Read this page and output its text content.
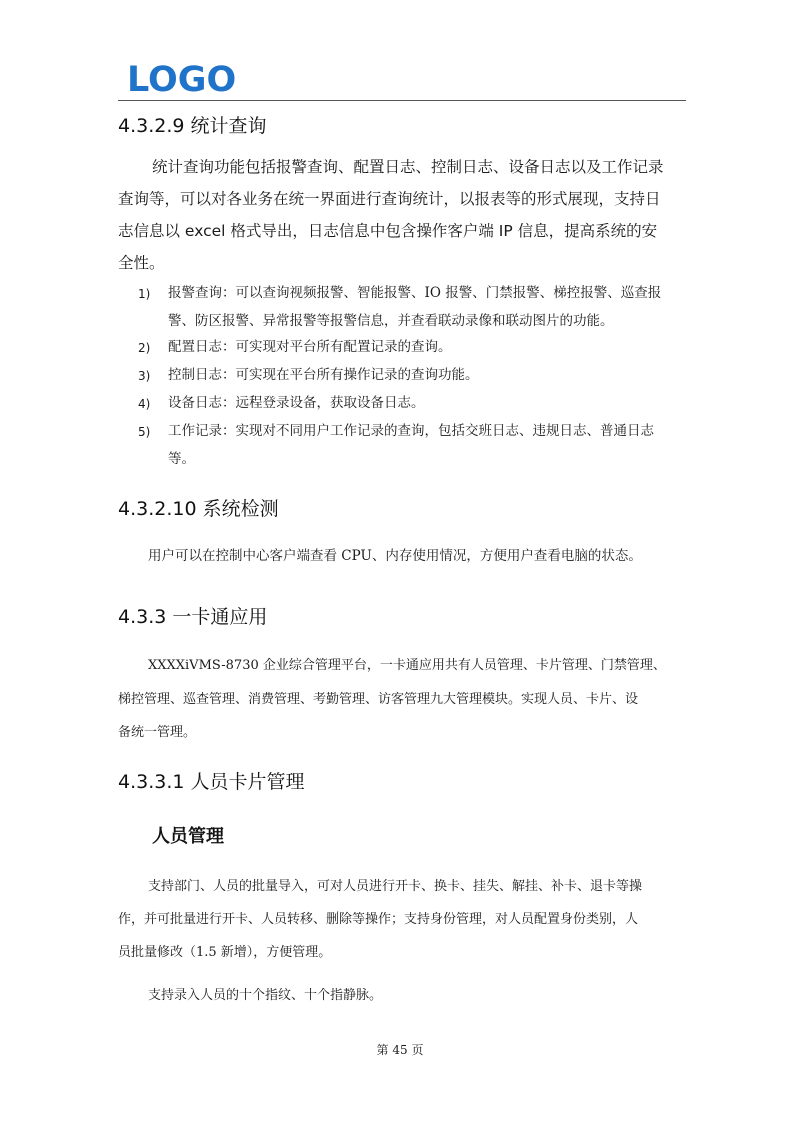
LOGO
4.3.2.9 统计查询
统计查询功能包括报警查询、配置日志、控制日志、设备日志以及工作记录
查询等，可以对各业务在统一界面进行查询统计，以报表等的形式展现，支持日
志信息以 excel 格式导出，日志信息中包含操作客户端 IP 信息，提高系统的安
全性。
1) 报警查询：可以查询视频报警、智能报警、IO 报警、门禁报警、梯控报警、巡查报
警、防区报警、异常报警等报警信息，并查看联动录像和联动图片的功能。
2) 配置日志：可实现对平台所有配置记录的查询。
3) 控制日志：可实现在平台所有操作记录的查询功能。
4) 设备日志：远程登录设备，获取设备日志。
5) 工作记录：实现对不同用户工作记录的查询，包括交班日志、违规日志、普通日志
等。
4.3.2.10 系统检测
用户可以在控制中心客户端查看 CPU、内存使用情况，方便用户查看电脑的状态。
4.3.3 一卡通应用
XXXXiVMS-8730 企业综合管理平台，一卡通应用共有人员管理、卡片管理、门禁管理、
梯控管理、巡查管理、消费管理、考勤管理、访客管理九大管理模块。实现人员、卡片、设
备统一管理。
4.3.3.1 人员卡片管理
人员管理
支持部门、人员的批量导入，可对人员进行开卡、换卡、挂失、解挂、补卡、退卡等操
作，并可批量进行开卡、人员转移、删除等操作；支持身份管理，对人员配置身份类别，人
员批量修改（1.5 新增），方便管理。
支持录入人员的十个指纹、十个指静脉。
第 45 页
